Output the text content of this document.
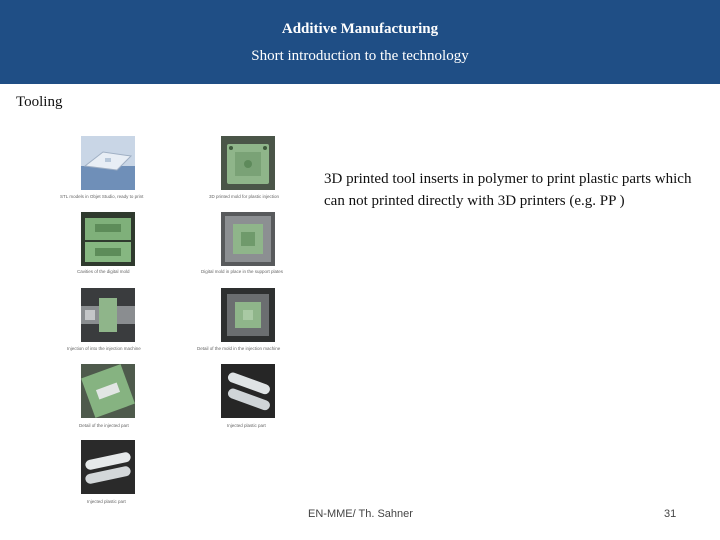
Additive Manufacturing
Short introduction to the technology
Tooling
3D printed tool inserts in polymer to print plastic parts which can not printed directly with 3D printers (e.g. PP )
STL models in Objet Studio, ready to print	3D printed mold for plastic injection
Cavities of the digital mold	Digital mold in place in the support plates
Injection of into the injection machine	Detail of the mold in the injection machine
Detail of the injected part	Injected plastic part
Injected plastic part
EN-MME/ Th. Sahner	31
